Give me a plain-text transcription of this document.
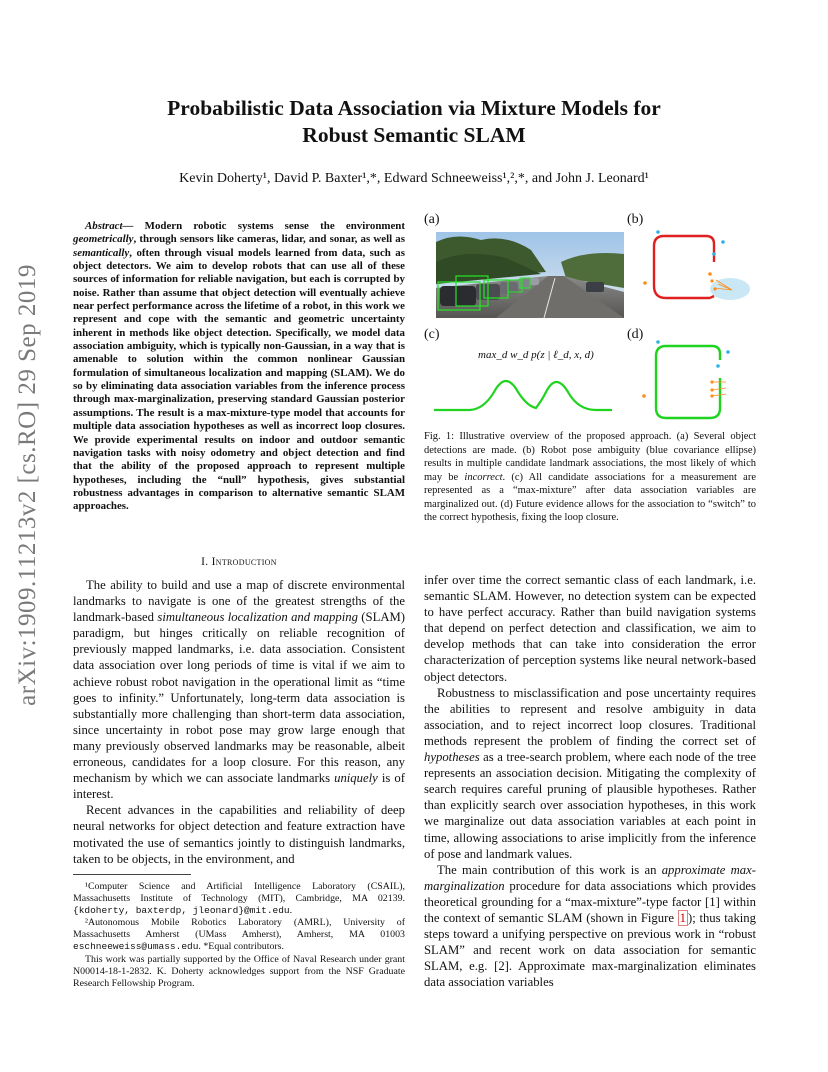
arXiv:1909.11213v2 [cs.RO] 29 Sep 2019
Probabilistic Data Association via Mixture Models for
Robust Semantic SLAM
Kevin Doherty¹, David P. Baxter¹,*, Edward Schneeweiss¹,²,*, and John J. Leonard¹

Abstract— Modern robotic systems sense the environment geometrically, through sensors like cameras, lidar, and sonar, as well as semantically, often through visual models learned from data, such as object detectors. We aim to develop robots that can use all of these sources of information for reliable navigation, but each is corrupted by noise. Rather than assume that object detection will eventually achieve near perfect performance across the lifetime of a robot, in this work we represent and cope with the semantic and geometric uncertainty inherent in methods like object detection. Specifically, we model data association ambiguity, which is typically non-Gaussian, in a way that is amenable to solution within the common nonlinear Gaussian formulation of simultaneous localization and mapping (SLAM). We do so by eliminating data association variables from the inference process through max-marginalization, preserving standard Gaussian posterior assumptions. The result is a max-mixture-type model that accounts for multiple data association hypotheses as well as incorrect loop closures. We provide experimental results on indoor and outdoor semantic navigation tasks with noisy odometry and object detection and find that the ability of the proposed approach to represent multiple hypotheses, including the “null” hypothesis, gives substantial robustness advantages in comparison to alternative semantic SLAM approaches.

I. Introduction

The ability to build and use a map of discrete environmental landmarks to navigate is one of the greatest strengths of the landmark-based simultaneous localization and mapping (SLAM) paradigm, but hinges critically on reliable recognition of previously mapped landmarks, i.e. data association. Consistent data association over long periods of time is vital if we aim to achieve robust robot navigation in the operational limit as “time goes to infinity.” Unfortunately, long-term data association is substantially more challenging than short-term data association, since uncertainty in robot pose may grow large enough that many previously observed landmarks may be reasonable, albeit erroneous, candidates for a loop closure. For this reason, any mechanism by which we can associate landmarks uniquely is of interest.

Recent advances in the capabilities and reliability of deep neural networks for object detection and feature extraction have motivated the use of semantics jointly to distinguish landmarks, taken to be objects, in the environment, and

¹Computer Science and Artificial Intelligence Laboratory (CSAIL), Massachusetts Institute of Technology (MIT), Cambridge, MA 02139. {kdoherty, baxterdp, jleonard}@mit.edu.

²Autonomous Mobile Robotics Laboratory (AMRL), University of Massachusetts Amherst (UMass Amherst), Amherst, MA 01003 eschneeweiss@umass.edu. *Equal contributors.

This work was partially supported by the Office of Naval Research under grant N00014-18-1-2832. K. Doherty acknowledges support from the NSF Graduate Research Fellowship Program.

(a)	(b)
(c)	(d)
max_d w_d p(z | ℓ_d, x, d)

Fig. 1: Illustrative overview of the proposed approach. (a) Several object detections are made. (b) Robot pose ambiguity (blue covariance ellipse) results in multiple candidate landmark associations, the most likely of which may be incorrect. (c) All candidate associations for a measurement are represented as a “max-mixture” after data association variables are marginalized out. (d) Future evidence allows for the association to “switch” to the correct hypothesis, fixing the loop closure.

infer over time the correct semantic class of each landmark, i.e. semantic SLAM. However, no detection system can be expected to have perfect accuracy. Rather than build navigation systems that depend on perfect detection and classification, we aim to develop methods that can take into consideration the error characterization of perception systems like neural network-based object detectors.

Robustness to misclassification and pose uncertainty requires the abilities to represent and resolve ambiguity in data association, and to reject incorrect loop closures. Traditional methods represent the problem of finding the correct set of hypotheses as a tree-search problem, where each node of the tree represents an association decision. Mitigating the complexity of search requires careful pruning of plausible hypotheses. Rather than explicitly search over association hypotheses, in this work we marginalize out data association variables at each point in time, allowing associations to arise implicitly from the inference of pose and landmark values.

The main contribution of this work is an approximate max-marginalization procedure for data associations which provides theoretical grounding for a “max-mixture”-type factor [1] within the context of semantic SLAM (shown in Figure 1 ); thus taking steps toward a unifying perspective on previous work in “robust SLAM” and recent work on data association for semantic SLAM, e.g. [2]. Approximate max-marginalization eliminates data association variables
